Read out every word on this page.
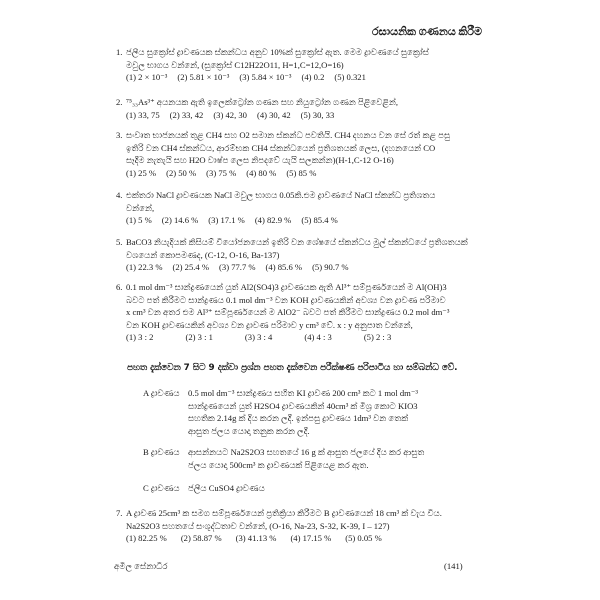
රසායනික ගණනය කිරීම
1. ජලීය සුක්‍රෝස් ද්‍රාවණයක ස්කන්ධය අනුව 10%ක් සුක්‍රෝස් ඇත. මෙම ද්‍රාවණයේ සුක්‍රෝස්
මවුල භාගය වන්නේ, (සුක්‍රෝස් C12H22O11, H=1,C=12,O=16)
(1) 2 × 10⁻³ (2) 5.81 × 10⁻³ (3) 5.84 × 10⁻³ (4) 0.2 (5) 0.321
2. ⁷⁵₃₃As³⁺ අයනයක ඇති ඉලෙක්ට්‍රෝන ගණන සහ නියුට්‍රෝන ගණන පිළිවෙළින්,
(1) 33, 75 (2) 33, 42 (3) 42, 30 (4) 30, 42 (5) 30, 33
3. සංවෘත භාජනයක් තුළ CH4 සහ O2 සමාන ස්කන්ධ පවතියි. CH4 දහනය වන සේ රත් කළ පසු
ඉතිරි වන CH4 ස්කන්ධය, ආරම්භක CH4 ස්කන්ධයෙන් ප්‍රතිශතයක් ලෙස, (දහනයෙන් CO
සෑදීම නැතැයි සහ H2O වාෂ්ප ලෙස නිපදවේ යැයි සලකන්න)(H-1,C-12 O-16)
(1) 25 % (2) 50 % (3) 75 % (4) 80 % (5) 85 %
4. එක්තරා NaCl ද්‍රාවණයක NaCl මවුල භාගය 0.05කි.එම ද්‍රාවණයේ NaCl ස්කන්ධ ප්‍රතිශතය
වන්නේ,
(1) 5 % (2) 14.6 % (3) 17.1 % (4) 82.9 % (5) 85.4 %
5. BaCO3 නියැදියක් කිසියම් වියෝජනයෙන් ඉතිරි වන ශේෂයේ ස්කන්ධය මුල් ස්කන්ධයේ ප්‍රතිශතයක්
වශයෙන් කොපමණද, (C-12, O-16, Ba-137)
(1) 22.3 % (2) 25.4 % (3) 77.7 % (4) 85.6 % (5) 90.7 %
6. 0.1 mol dm⁻³ සාන්ද්‍රණයෙන් යුත් Al2(SO4)3 ද්‍රාවණයක ඇති Al³⁺ සම්පූර්ණයෙන් ම Al(OH)3
බවට පත් කිරීමට සාන්ද්‍රණය 0.1 mol dm⁻³ වන KOH ද්‍රාවණයකින් අවශ්‍ය වන ද්‍රාවණ පරිමාව
x cm³ වන අතර එම Al³⁺ සම්පූර්ණයෙන් ම AlO2⁻ බවට පත් කිරීමට සාන්ද්‍රණය 0.2 mol dm⁻³
වන KOH ද්‍රාවණයකින් අවශ්‍ය වන ද්‍රාවණ පරිමාව y cm³ වේ. x : y අනුපාත වන්නේ,
(1) 3 : 2	(2) 3 : 1	(3) 3 : 4	(4) 4 : 3	(5) 2 : 3
පහත දැක්වෙන 7 සිට 9 දක්වා ප්‍රශ්න පහත දැක්වෙන පරීක්ෂණ පරිපාටිය හා සම්බන්ධ වේ.
A ද්‍රාවණය 0.5 mol dm⁻³ සාන්ද්‍රණය සහිත KI ද්‍රාවණ 200 cm³ කට 1 mol dm⁻³
සාන්ද්‍රණයෙන් යුත් H2SO4 ද්‍රාවණයකින් 40cm³ ක් මිශ්‍ර කොට KIO3
සහතික 2.14g ක් දිය කරන ලදී. ඉන්පසු ද්‍රාවණය 1dm³ වන තෙක්
ආසුත ජලය යොදා තනුක කරන ලදී.
B ද්‍රාවණය ආසන්නයට Na2S2O3 සහතයේ 16 g ක් ආසුත ජලයේ දිය කර ආසුත
ජලය යොදා 500cm³ ක ද්‍රාවණයක් පිළියෙළ කර ඇත.
C ද්‍රාවණය ජලීය CuSO4 ද්‍රාවණය
7. A ද්‍රාවණ 25cm³ ක සමග සම්පූර්ණයෙන් ප්‍රතික්‍රියා කිරීමට B ද්‍රාවණයෙන් 18 cm³ ක් වැය විය.
Na2S2O3 සහතයේ සංශුද්ධතාව වන්නේ, (O-16, Na-23, S-32, K-39, I – 127)
(1) 82.25 % (2) 58.87 % (3) 41.13 % (4) 17.15 % (5) 0.05 %
අමිල සේනාධීර	(141)
